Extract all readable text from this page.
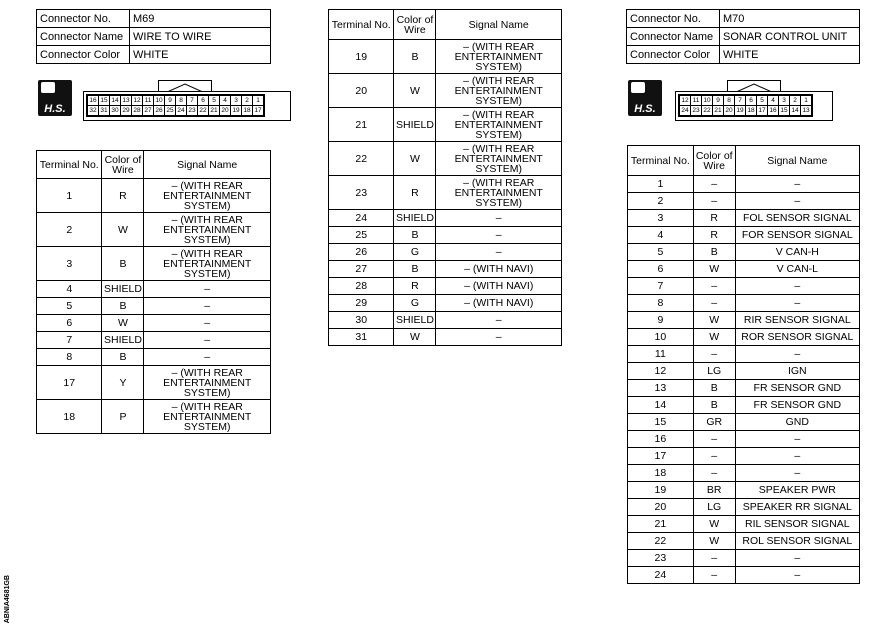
Connector No.	M69
Connector Name	WIRE TO WIRE
Connector Color	WHITE
H.S.
16	15	14	13	12	11	10	9	8	7	6	5	4	3	2	1
32	31	30	29	28	27	26	25	24	23	22	21	20	19	18	17
Terminal No.	Color of Wire	Signal Name
1	R	– (WITH REAR ENTERTAINMENT SYSTEM)
2	W	– (WITH REAR ENTERTAINMENT SYSTEM)
3	B	– (WITH REAR ENTERTAINMENT SYSTEM)
4	SHIELD	–
5	B	–
6	W	–
7	SHIELD	–
8	B	–
17	Y	– (WITH REAR ENTERTAINMENT SYSTEM)
18	P	– (WITH REAR ENTERTAINMENT SYSTEM)
Terminal No.	Color of Wire	Signal Name
19	B	– (WITH REAR ENTERTAINMENT SYSTEM)
20	W	– (WITH REAR ENTERTAINMENT SYSTEM)
21	SHIELD	– (WITH REAR ENTERTAINMENT SYSTEM)
22	W	– (WITH REAR ENTERTAINMENT SYSTEM)
23	R	– (WITH REAR ENTERTAINMENT SYSTEM)
24	SHIELD	–
25	B	–
26	G	–
27	B	– (WITH NAVI)
28	R	– (WITH NAVI)
29	G	– (WITH NAVI)
30	SHIELD	–
31	W	–
Connector No.	M70
Connector Name	SONAR CONTROL UNIT
Connector Color	WHITE
H.S.
12	11	10	9	8	7	6	5	4	3	2	1
24	23	22	21	20	19	18	17	16	15	14	13
Terminal No.	Color of Wire	Signal Name
1	–	–
2	–	–
3	R	FOL SENSOR SIGNAL
4	R	FOR SENSOR SIGNAL
5	B	V CAN-H
6	W	V CAN-L
7	–	–
8	–	–
9	W	RIR SENSOR SIGNAL
10	W	ROR SENSOR SIGNAL
11	–	–
12	LG	IGN
13	B	FR SENSOR GND
14	B	FR SENSOR GND
15	GR	GND
16	–	–
17	–	–
18	–	–
19	BR	SPEAKER PWR
20	LG	SPEAKER RR SIGNAL
21	W	RIL SENSOR SIGNAL
22	W	ROL SENSOR SIGNAL
23	–	–
24	–	–
ABNIA4681GB
